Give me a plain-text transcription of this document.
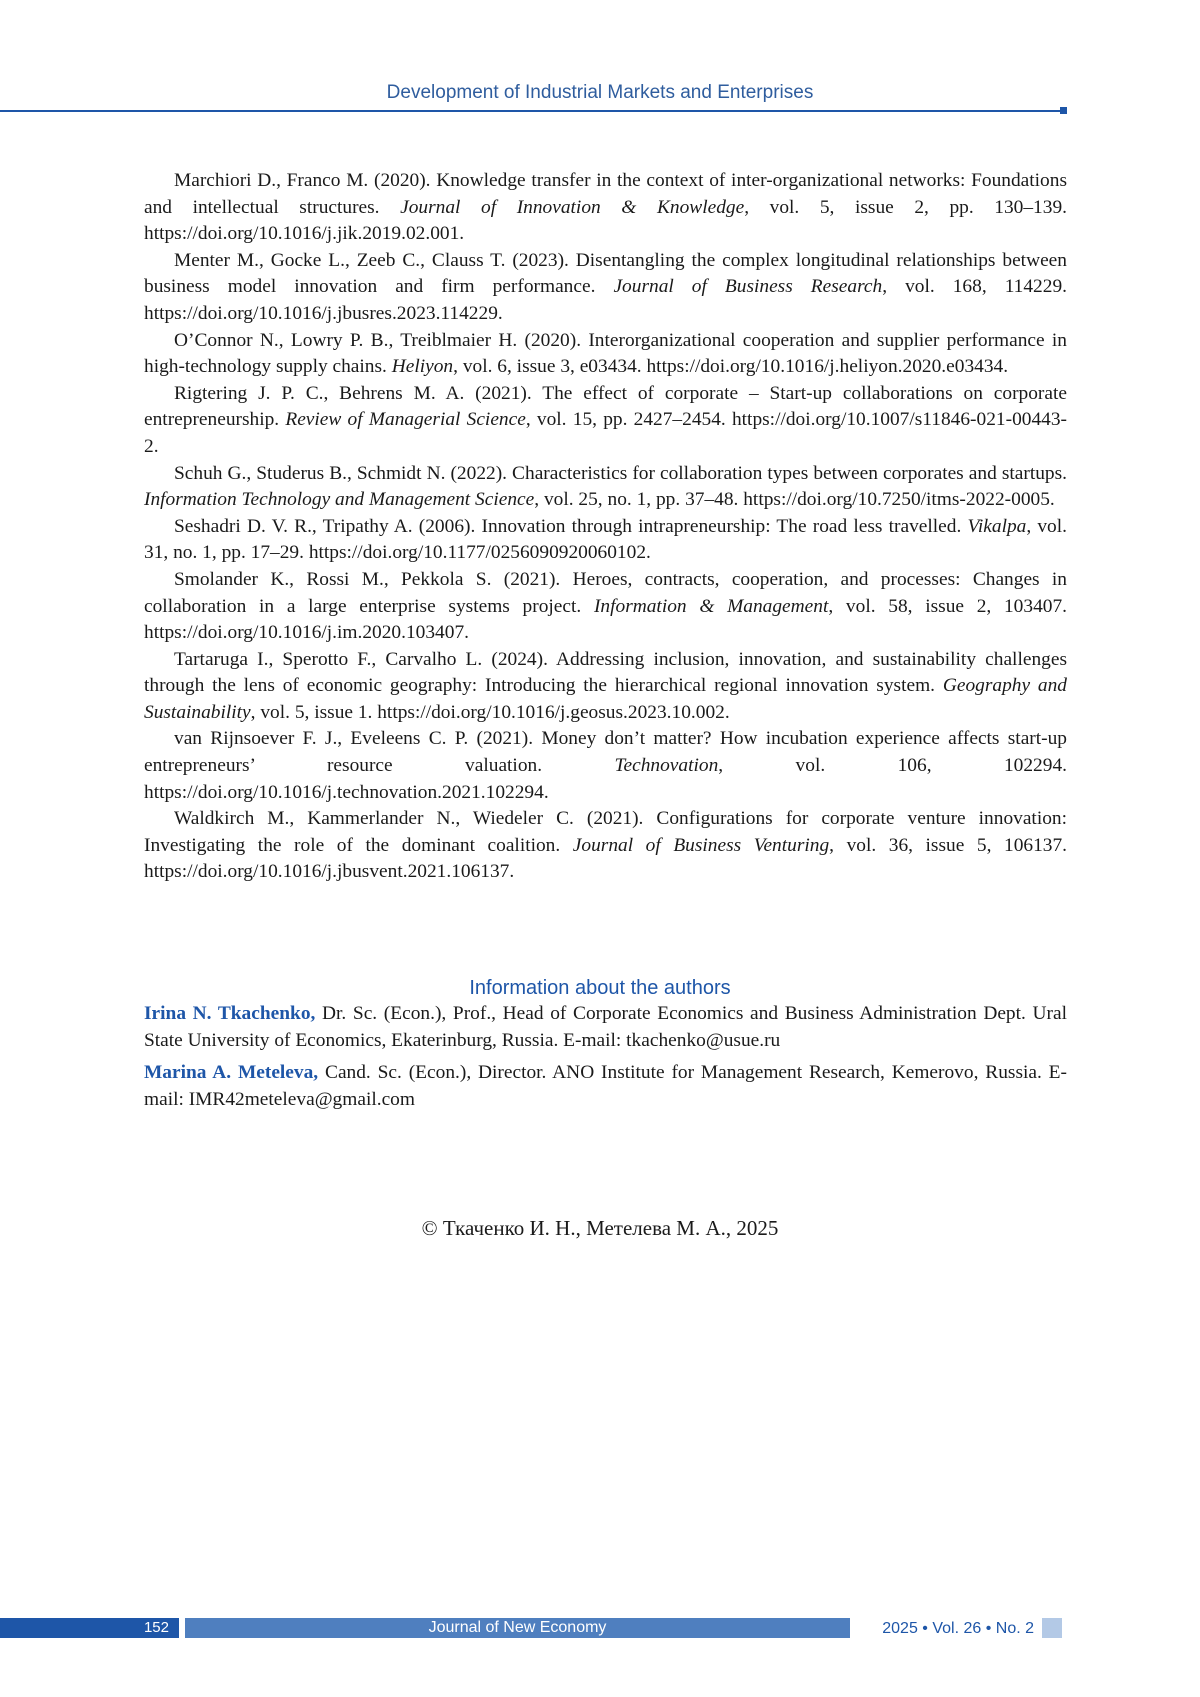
Development of Industrial Markets and Enterprises

Marchiori D., Franco M. (2020). Knowledge transfer in the context of inter-organizational networks: Foundations and intellectual structures. Journal of Innovation & Knowledge, vol. 5, issue 2, pp. 130–139. https://doi.org/10.1016/j.jik.2019.02.001.

Menter M., Gocke L., Zeeb C., Clauss T. (2023). Disentangling the complex longitudinal relationships between business model innovation and firm performance. Journal of Business Research, vol. 168, 114229. https://doi.org/10.1016/j.jbusres.2023.114229.

O’Connor N., Lowry P. B., Treiblmaier H. (2020). Interorganizational cooperation and supplier performance in high-technology supply chains. Heliyon, vol. 6, issue 3, e03434. https://doi.org/10.1016/j.heliyon.2020.e03434.

Rigtering J. P. C., Behrens M. A. (2021). The effect of corporate – Start-up collaborations on corporate entrepreneurship. Review of Managerial Science, vol. 15, pp. 2427–2454. https://doi.org/10.1007/s11846-021-00443-2.

Schuh G., Studerus B., Schmidt N. (2022). Characteristics for collaboration types between corporates and startups. Information Technology and Management Science, vol. 25, no. 1, pp. 37–48. https://doi.org/10.7250/itms-2022-0005.

Seshadri D. V. R., Tripathy A. (2006). Innovation through intrapreneurship: The road less travelled. Vikalpa, vol. 31, no. 1, pp. 17–29. https://doi.org/10.1177/0256090920060102.

Smolander K., Rossi M., Pekkola S. (2021). Heroes, contracts, cooperation, and processes: Changes in collaboration in a large enterprise systems project. Information & Management, vol. 58, issue 2, 103407. https://doi.org/10.1016/j.im.2020.103407.

Tartaruga I., Sperotto F., Carvalho L. (2024). Addressing inclusion, innovation, and sustainability challenges through the lens of economic geography: Introducing the hierarchical regional innovation system. Geography and Sustainability, vol. 5, issue 1. https://doi.org/10.1016/j.geosus.2023.10.002.

van Rijnsoever F. J., Eveleens C. P. (2021). Money don’t matter? How incubation experience affects start-up entrepreneurs’ resource valuation. Technovation, vol. 106, 102294. https://doi.org/10.1016/j.technovation.2021.102294.

Waldkirch M., Kammerlander N., Wiedeler C. (2021). Configurations for corporate venture innovation: Investigating the role of the dominant coalition. Journal of Business Venturing, vol. 36, issue 5, 106137. https://doi.org/10.1016/j.jbusvent.2021.106137.

Information about the authors

Irina N. Tkachenko, Dr. Sc. (Econ.), Prof., Head of Corporate Economics and Business Administration Dept. Ural State University of Economics, Ekaterinburg, Russia. E-mail: tkachenko@usue.ru

Marina A. Meteleva, Cand. Sc. (Econ.), Director. ANO Institute for Management Research, Kemerovo, Russia. E-mail: IMR42meteleva@gmail.com

© Ткаченко И. Н., Метелева М. А., 2025
152	Journal of New Economy	2025 • Vol. 26 • No. 2
